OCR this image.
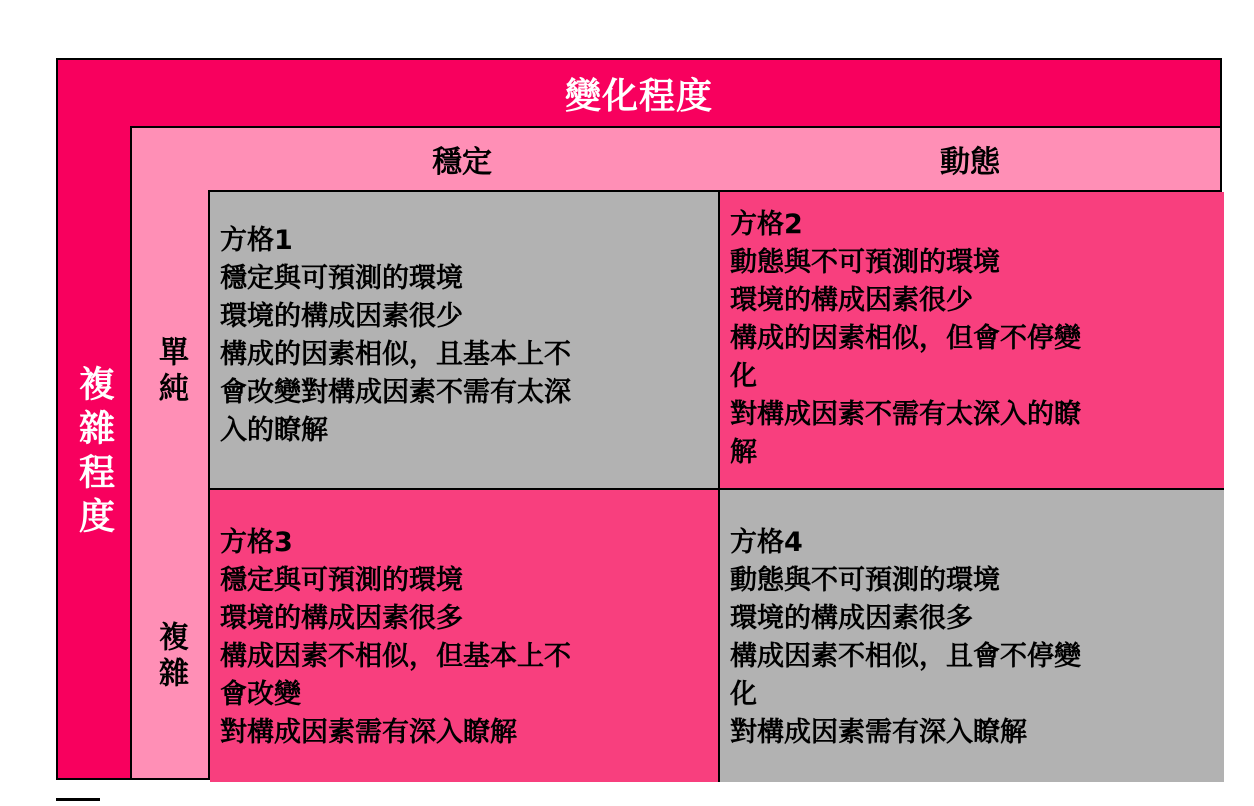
變化程度
複雜程度
穩定	動態
單純
複雜
方格1
穩定與可預測的環境
環境的構成因素很少
構成的因素相似，且基本上不
會改變對構成因素不需有太深
入的瞭解
方格2
動態與不可預測的環境
環境的構成因素很少
構成的因素相似，但會不停變
化
對構成因素不需有太深入的瞭
解
方格3
穩定與可預測的環境
環境的構成因素很多
構成因素不相似，但基本上不
會改變
對構成因素需有深入瞭解
方格4
動態與不可預測的環境
環境的構成因素很多
構成因素不相似，且會不停變
化
對構成因素需有深入瞭解
